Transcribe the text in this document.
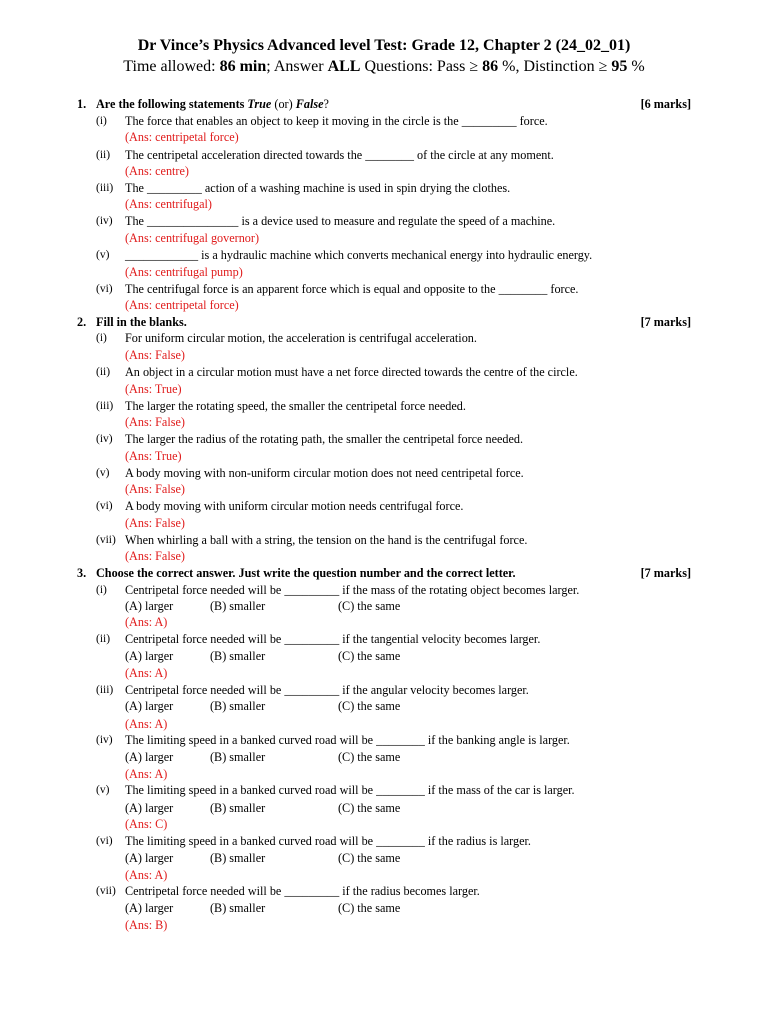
Dr Vince’s Physics Advanced level Test: Grade 12, Chapter 2 (24_02_01)
Time allowed: 86 min; Answer ALL Questions: Pass ≥ 86 %, Distinction ≥ 95 %
1. Are the following statements True (or) False?	[6 marks]
(i)	The force that enables an object to keep it moving in the circle is the _________ force.
(Ans: centripetal force)
(ii)	The centripetal acceleration directed towards the ________ of the circle at any moment.
(Ans: centre)
(iii) The _________ action of a washing machine is used in spin drying the clothes.
(Ans: centrifugal)
(iv)	The _______________ is a device used to measure and regulate the speed of a machine.
(Ans: centrifugal governor)
(v)	____________ is a hydraulic machine which converts mechanical energy into hydraulic energy.
(Ans: centrifugal pump)
(vi)	The centrifugal force is an apparent force which is equal and opposite to the ________ force.
(Ans: centripetal force)
2. Fill in the blanks.	[7 marks]
(i)	For uniform circular motion, the acceleration is centrifugal acceleration.
(Ans: False)
(ii)	An object in a circular motion must have a net force directed towards the centre of the circle.
(Ans: True)
(iii) The larger the rotating speed, the smaller the centripetal force needed.
(Ans: False)
(iv)	The larger the radius of the rotating path, the smaller the centripetal force needed.
(Ans: True)
(v)	A body moving with non-uniform circular motion does not need centripetal force.
(Ans: False)
(vi)	A body moving with uniform circular motion needs centrifugal force.
(Ans: False)
(vii) When whirling a ball with a string, the tension on the hand is the centrifugal force.
(Ans: False)
3. Choose the correct answer. Just write the question number and the correct letter.	[7 marks]
(i)	Centripetal force needed will be _________ if the mass of the rotating object becomes larger.
(A) larger	(B) smaller	(C) the same
(Ans: A)
(ii)	Centripetal force needed will be _________ if the tangential velocity becomes larger.
(A) larger	(B) smaller	(C) the same
(Ans: A)
(iii) Centripetal force needed will be _________ if the angular velocity becomes larger.
(A) larger	(B) smaller	(C) the same
(Ans: A)
(iv)	The limiting speed in a banked curved road will be ________ if the banking angle is larger.
(A) larger	(B) smaller	(C) the same
(Ans: A)
(v)	The limiting speed in a banked curved road will be ________ if the mass of the car is larger.
(A) larger	(B) smaller	(C) the same
(Ans: C)
(vi)	The limiting speed in a banked curved road will be ________ if the radius is larger.
(A) larger	(B) smaller	(C) the same
(Ans: A)
(vii) Centripetal force needed will be _________ if the radius becomes larger.
(A) larger	(B) smaller	(C) the same
(Ans: B)
